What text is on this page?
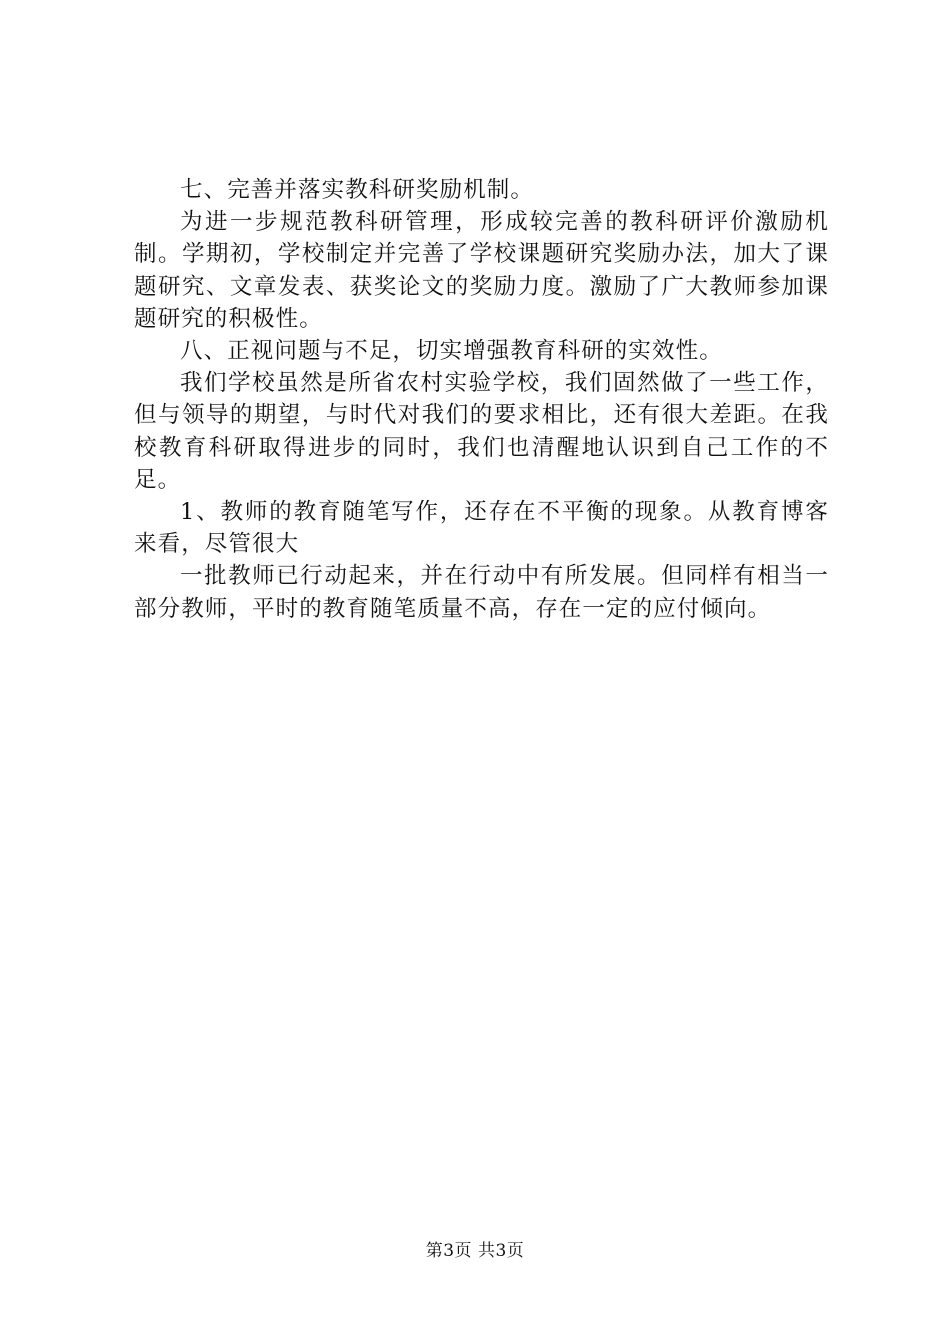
七、完善并落实教科研奖励机制。

为进一步规范教科研管理，形成较完善的教科研评价激励机制。学期初，学校制定并完善了学校课题研究奖励办法，加大了课题研究、文章发表、获奖论文的奖励力度。激励了广大教师参加课题研究的积极性。

八、正视问题与不足，切实增强教育科研的实效性。

我们学校虽然是所省农村实验学校，我们固然做了一些工作，但与领导的期望，与时代对我们的要求相比，还有很大差距。在我校教育科研取得进步的同时，我们也清醒地认识到自己工作的不足。

1、教师的教育随笔写作，还存在不平衡的现象。从教育博客来看，尽管很大

一批教师已行动起来，并在行动中有所发展。但同样有相当一部分教师，平时的教育随笔质量不高，存在一定的应付倾向。

第3页 共3页
